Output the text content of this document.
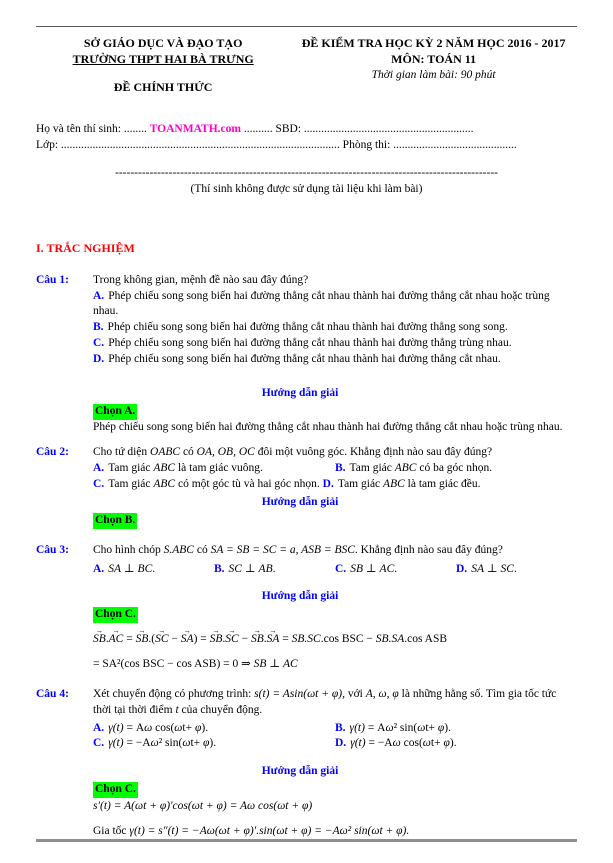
SỞ GIÁO DỤC VÀ ĐẠO TẠO
TRƯỜNG THPT HAI BÀ TRƯNG
ĐỀ CHÍNH THỨC
ĐỀ KIỂM TRA HỌC KỲ 2 NĂM HỌC 2016 - 2017
MÔN: TOÁN 11
Thời gian làm bài: 90 phút
Họ và tên thí sinh: ........ TOANMATH.com .......... SBD: ...........................................................
Lớp: ................................................................................................. Phòng thi: ...........................................
----------------------------------------------------------------------------------------------------
(Thí sinh không được sử dụng tài liệu khi làm bài)
I. TRẮC NGHIỆM
Câu 1:	Trong không gian, mệnh đề nào sau đây đúng?
A. Phép chiếu song song biến hai đường thẳng cắt nhau thành hai đường thẳng cắt nhau hoặc trùng nhau.
B. Phép chiếu song song biến hai đường thẳng cắt nhau thành hai đường thẳng song song.
C. Phép chiếu song song biến hai đường thẳng cắt nhau thành hai đường thẳng trùng nhau.
D. Phép chiếu song song biến hai đường thẳng cắt nhau thành hai đường thẳng cắt nhau.
Hướng dẫn giải
Chọn A.
Phép chiếu song song biến hai đường thẳng cắt nhau thành hai đường thẳng cắt nhau hoặc trùng nhau.
Câu 2:	Cho tứ diện OABC có OA, OB, OC đôi một vuông góc. Khẳng định nào sau đây đúng?
A. Tam giác ABC là tam giác vuông.	B. Tam giác ABC có ba góc nhọn.
C. Tam giác ABC có một góc tù và hai góc nhọn. D. Tam giác ABC là tam giác đều.
Hướng dẫn giải
Chọn B.
Câu 3:	Cho hình chóp S.ABC có SA = SB = SC = a, ASB = BSC. Khẳng định nào sau đây đúng?
A. SA ⊥ BC.	B. SC ⊥ AB.	C. SB ⊥ AC.	D. SA ⊥ SC.
Hướng dẫn giải
Chọn C.
SB →.AC → = SB →.(SC → − SA →) = SB →.SC → − SB →.SA → = SB.SC.cos BSC − SB.SA.cos ASB
= SA²(cos BSC − cos ASB) = 0 ⇒ SB ⊥ AC
Câu 4:	Xét chuyển động có phương trình: s(t) = Asin(ωt + φ), với A, ω, φ là những hằng số. Tìm gia tốc tức thời tại thời điểm t của chuyển động.
A. γ(t) = Aω cos(ωt+ φ).	B. γ(t) = Aω² sin(ωt+ φ).
C. γ(t) = −Aω² sin(ωt+ φ).	D. γ(t) = −Aω cos(ωt+ φ).
Hướng dẫn giải
Chọn C.
s′(t) = A(ωt + φ)′cos(ωt + φ) = Aω cos(ωt + φ)
Gia tốc γ(t) = s″(t) = −Aω(ωt + φ)′.sin(ωt + φ) = −Aω² sin(ωt + φ).
